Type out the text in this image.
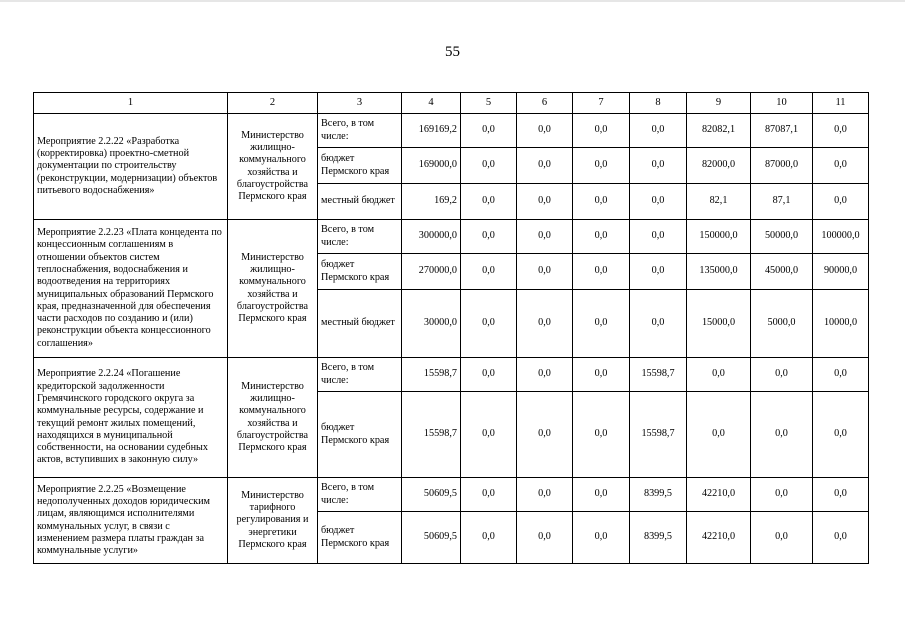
55
1	2	3	4	5	6	7	8	9	10	11
Мероприятие 2.2.22 «Разработка (корректировка) проектно-сметной документации по строительству (реконструкции, модернизации) объектов питьевого водоснабжения»	Министерство жилищно-коммунального хозяйства и благоустройства Пермского края	Всего, в том числе:	169169,2	0,0	0,0	0,0	0,0	82082,1	87087,1	0,0
		бюджет Пермского края	169000,0	0,0	0,0	0,0	0,0	82000,0	87000,0	0,0
		местный бюджет	169,2	0,0	0,0	0,0	0,0	82,1	87,1	0,0
Мероприятие 2.2.23 «Плата концедента по концессионным соглашениям в отношении объектов систем теплоснабжения, водоснабжения и водоотведения на территориях муниципальных образований Пермского края, предназначенной для обеспечения части расходов по созданию и (или) реконструкции объекта концессионного соглашения»	Министерство жилищно-коммунального хозяйства и благоустройства Пермского края	Всего, в том числе:	300000,0	0,0	0,0	0,0	0,0	150000,0	50000,0	100000,0
		бюджет Пермского края	270000,0	0,0	0,0	0,0	0,0	135000,0	45000,0	90000,0
		местный бюджет	30000,0	0,0	0,0	0,0	0,0	15000,0	5000,0	10000,0
Мероприятие 2.2.24 «Погашение кредиторской задолженности Гремячинского городского округа за коммунальные ресурсы, содержание и текущий ремонт жилых помещений, находящихся в муниципальной собственности, на основании судебных актов, вступивших в законную силу»	Министерство жилищно-коммунального хозяйства и благоустройства Пермского края	Всего, в том числе:	15598,7	0,0	0,0	0,0	15598,7	0,0	0,0	0,0
		бюджет Пермского края	15598,7	0,0	0,0	0,0	15598,7	0,0	0,0	0,0
Мероприятие 2.2.25 «Возмещение недополученных доходов юридическим лицам, являющимся исполнителями коммунальных услуг, в связи с изменением размера платы граждан за коммунальные услуги»	Министерство тарифного регулирования и энергетики Пермского края	Всего, в том числе:	50609,5	0,0	0,0	0,0	8399,5	42210,0	0,0	0,0
		бюджет Пермского края	50609,5	0,0	0,0	0,0	8399,5	42210,0	0,0	0,0
